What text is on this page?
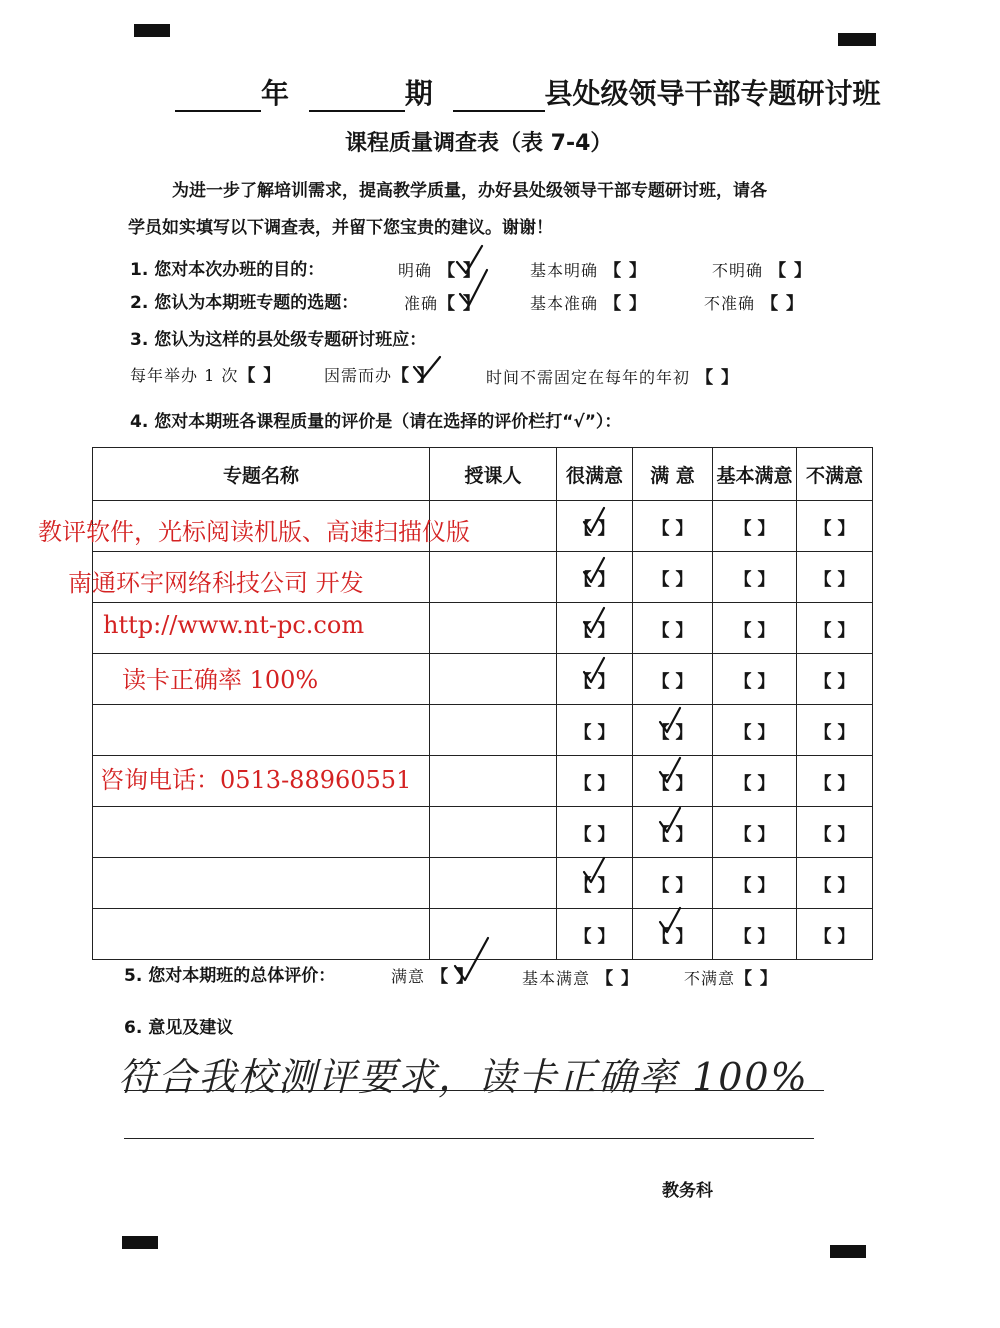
年	期	县处级领导干部专题研讨班
课程质量调查表（表 7-4）
为进一步了解培训需求，提高教学质量，办好县处级领导干部专题研讨班，请各
学员如实填写以下调查表，并留下您宝贵的建议。谢谢！
1. 您对本次办班的目的：	明确 【 】	基本明确 【 】	不明确 【 】
2. 您认为本期班专题的选题：	准确【 】	基本准确 【 】	不准确 【 】
3. 您认为这样的县处级专题研讨班应：
每年举办 1 次【 】	因需而办【 】	时间不需固定在每年的年初 【 】
4. 您对本期班各课程质量的评价是（请在选择的评价栏打“√”）：
专题名称	授课人	很满意	满 意	基本满意	不满意
		【 】	【 】	【 】	【 】
		【 】	【 】	【 】	【 】
		【 】	【 】	【 】	【 】
		【 】	【 】	【 】	【 】
		【 】	【 】	【 】	【 】
		【 】	【 】	【 】	【 】
		【 】	【 】	【 】	【 】
		【 】	【 】	【 】	【 】
		【 】	【 】	【 】	【 】
教评软件，光标阅读机版、高速扫描仪版
南通环宇网络科技公司 开发
http://www.nt-pc.com
读卡正确率 100%
咨询电话：0513-88960551
5. 您对本期班的总体评价：	满意 【 】	基本满意 【 】	不满意【 】
6. 意见及建议
符合我校测评要求，读卡正确率 100%
教务科
